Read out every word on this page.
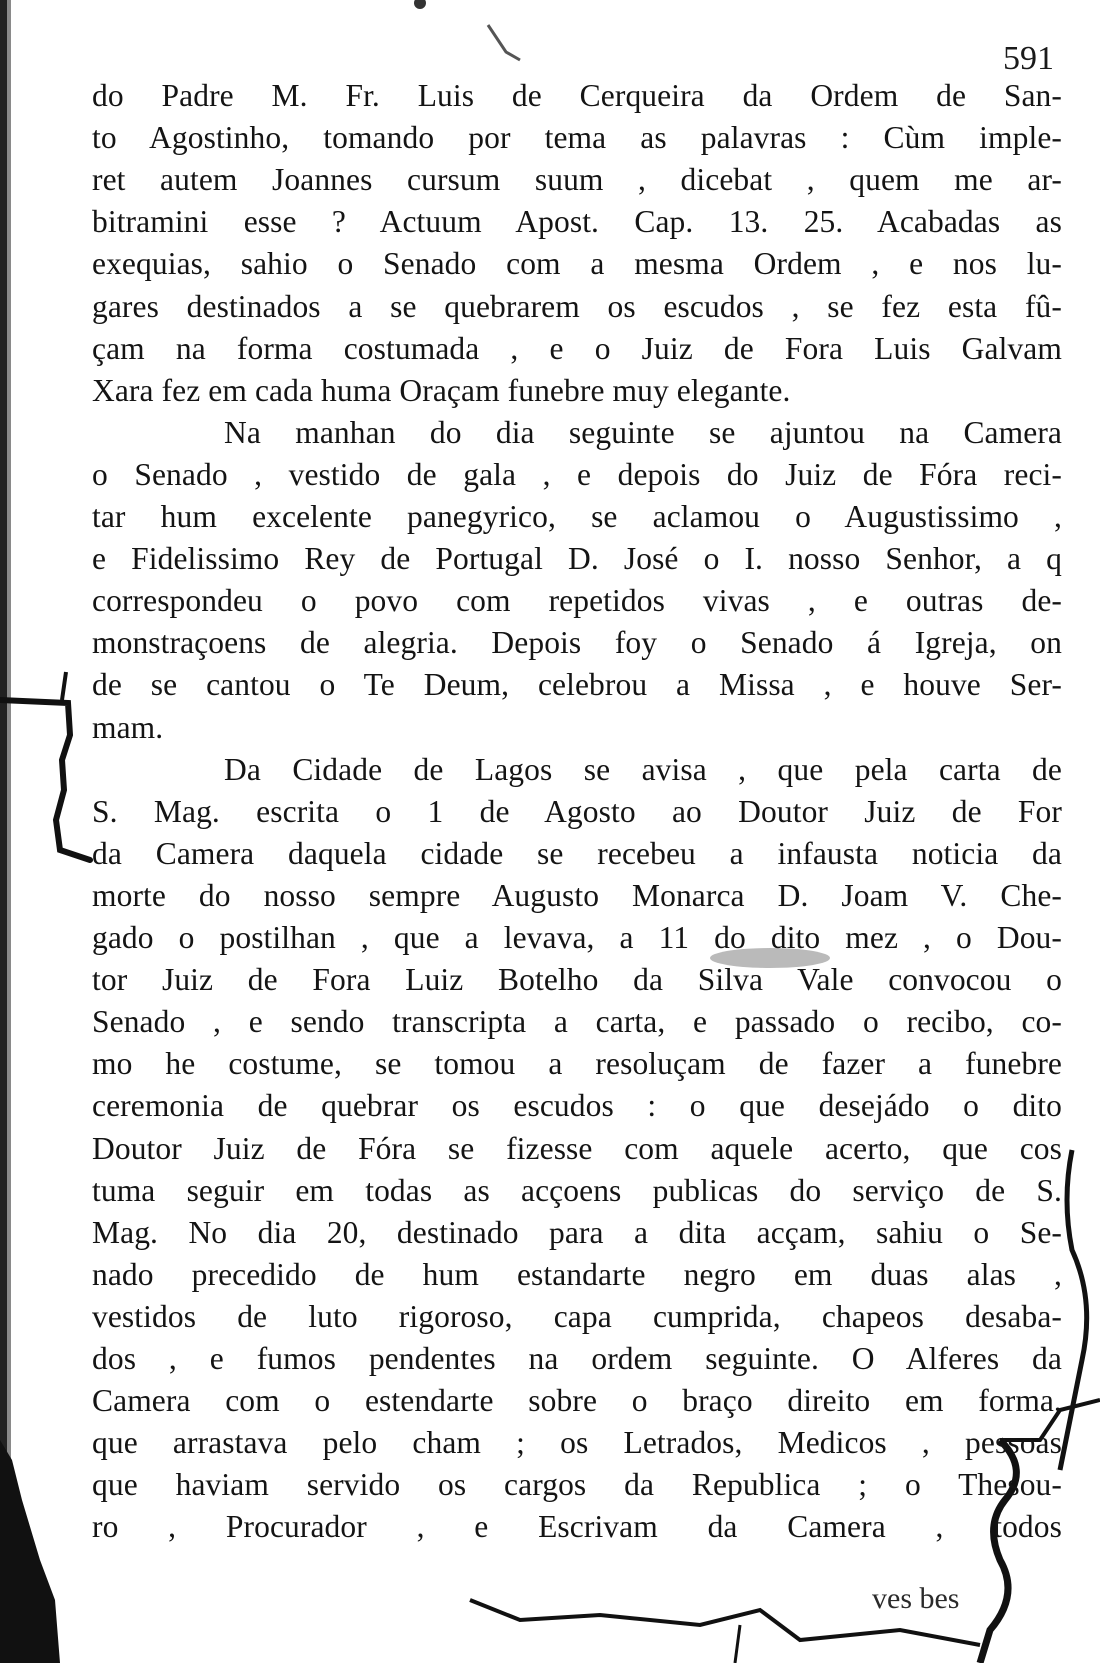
591
do Padre M. Fr. Luis de Cerqueira da Ordem de San-
to Agostinho, tomando por tema as palavras : Cùm imple-
ret autem Joannes cursum suum , dicebat , quem me ar-
bitramini esse ? Actuum Apost. Cap. 13. 25. Acabadas as
exequias, sahio o Senado com a mesma Ordem , e nos lu-
gares destinados a se quebrarem os escudos , se fez esta fû-
çam na forma costumada , e o Juiz de Fora Luis Galvam
Xara fez em cada huma Oraçam funebre muy elegante.
Na manhan do dia seguinte se ajuntou na Camera
o Senado , vestido de gala , e depois do Juiz de Fóra reci-
tar hum excelente panegyrico, se aclamou o Augustissimo ,
e Fidelissimo Rey de Portugal D. José o I. nosso Senhor, a q
correspondeu o povo com repetidos vivas , e outras de-
monstraçoens de alegria. Depois foy o Senado á Igreja, on
de se cantou o Te Deum, celebrou a Missa , e houve Ser-
mam.
Da Cidade de Lagos se avisa , que pela carta de
S. Mag. escrita o 1 de Agosto ao Doutor Juiz de For
da Camera daquela cidade se recebeu a infausta noticia da
morte do nosso sempre Augusto Monarca D. Joam V. Che-
gado o postilhan , que a levava, a 11 do dito mez , o Dou-
tor Juiz de Fora Luiz Botelho da Silva Vale convocou o
Senado , e sendo transcripta a carta, e passado o recibo, co-
mo he costume, se tomou a resoluçam de fazer a funebre
ceremonia de quebrar os escudos : o que desejádo o dito
Doutor Juiz de Fóra se fizesse com aquele acerto, que cos
tuma seguir em todas as acçoens publicas do serviço de S.
Mag. No dia 20, destinado para a dita acçam, sahiu o Se-
nado precedido de hum estandarte negro em duas alas ,
vestidos de luto rigoroso, capa cumprida, chapeos desaba-
dos , e fumos pendentes na ordem seguinte. O Alferes da
Camera com o estendarte sobre o braço direito em forma,
que arrastava pelo cham ; os Letrados, Medicos , pessoas
que haviam servido os cargos da Republica ; o Thesou-
ro , Procurador , e Escrivam da Camera , todos
ves bes
